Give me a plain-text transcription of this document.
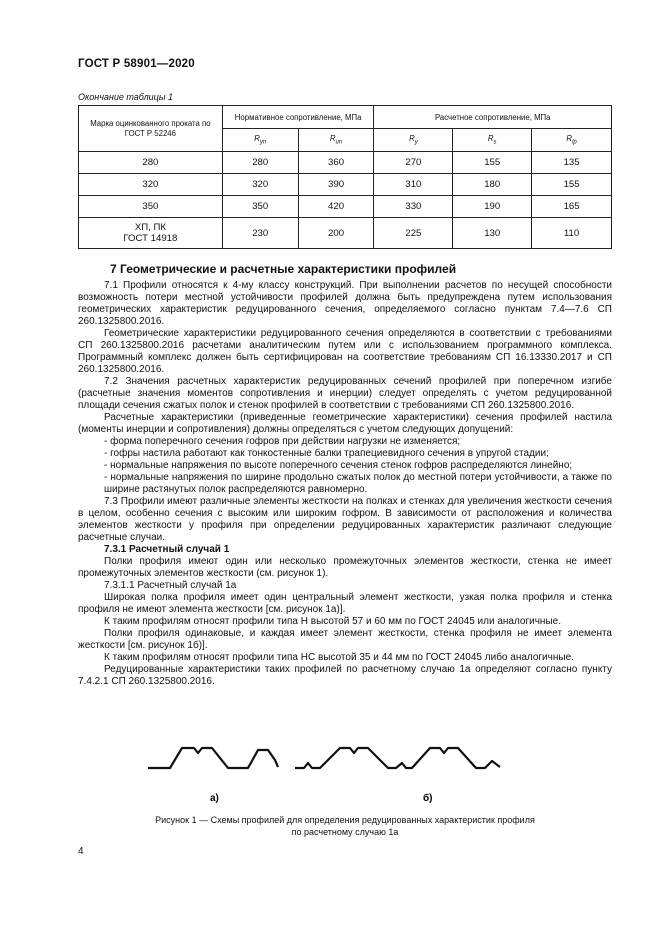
ГОСТ Р 58901—2020
Окончание таблицы 1
Марка оцинкованного проката по ГОСТ Р 52246	Нормативное сопротивление, МПа		Расчетное сопротивление, МПа		
	$R_{yn}$	$R_{un}$	$R_y$	$R_s$	$R_{lp}$
280	280	360	270	155	135
320	320	390	310	180	155
350	350	420	330	190	165
ХП, ПК
ГОСТ 14918	230	200	225	130	110
7 Геометрические и расчетные характеристики профилей

7.1 Профили относятся к 4-му классу конструкций. При выполнении расчетов по несущей способности возможность потери местной устойчивости профилей должна быть предупреждена путем использования геометрических характеристик редуцированного сечения, определяемого согласно пунктам 7.4—7.6 СП 260.1325800.2016.

Геометрические характеристики редуцированного сечения определяются в соответствии с требованиями СП 260.1325800.2016 расчетами аналитическим путем или с использованием программного комплекса. Программный комплекс должен быть сертифицирован на соответствие требованиям СП 16.13330.2017 и СП 260.1325800.2016.

7.2 Значения расчетных характеристик редуцированных сечений профилей при поперечном изгибе (расчетные значения моментов сопротивления и инерции) следует определять с учетом редуцированной площади сечения сжатых полок и стенок профилей в соответствии с требованиями СП 260.1325800.2016.

Расчетные характеристики (приведенные геометрические характеристики) сечения профилей настила (моменты инерции и сопротивления) должны определяться с учетом следующих допущений:

- форма поперечного сечения гофров при действии нагрузки не изменяется;

- гофры настила работают как тонкостенные балки трапециевидного сечения в упругой стадии;

- нормальные напряжения по высоте поперечного сечения стенок гофров распределяются линейно;

- нормальные напряжения по ширине продольно сжатых полок до местной потери устойчивости, а также по ширине растянутых полок распределяются равномерно.

7.3 Профили имеют различные элементы жесткости на полках и стенках для увеличения жесткости сечения в целом, особенно сечения с высоким или широким гофром. В зависимости от расположения и количества элементов жесткости у профиля при определении редуцированных характеристик различают следующие расчетные случаи.

7.3.1 Расчетный случай 1

Полки профиля имеют один или несколько промежуточных элементов жесткости, стенка не имеет промежуточных элементов жесткости (см. рисунок 1).

7.3.1.1 Расчетный случай 1а

Широкая полка профиля имеет один центральный элемент жесткости, узкая полка профиля и стенка профиля не имеют элемента жесткости [см. рисунок 1а)].

К таким профилям относят профили типа Н высотой 57 и 60 мм по ГОСТ 24045 или аналогичные.

Полки профиля одинаковые, и каждая имеет элемент жесткости, стенка профиля не имеет элемента жесткости [см. рисунок 1б)].

К таким профилям относят профили типа НС высотой 35 и 44 мм по ГОСТ 24045 либо аналогичные.

Редуцированные характеристики таких профилей по расчетному случаю 1а определяют согласно пункту 7.4.2.1 СП 260.1325800.2016.

а)	б)
Рисунок 1 — Схемы профилей для определения редуцированных характеристик профиля
по расчетному случаю 1а
4
